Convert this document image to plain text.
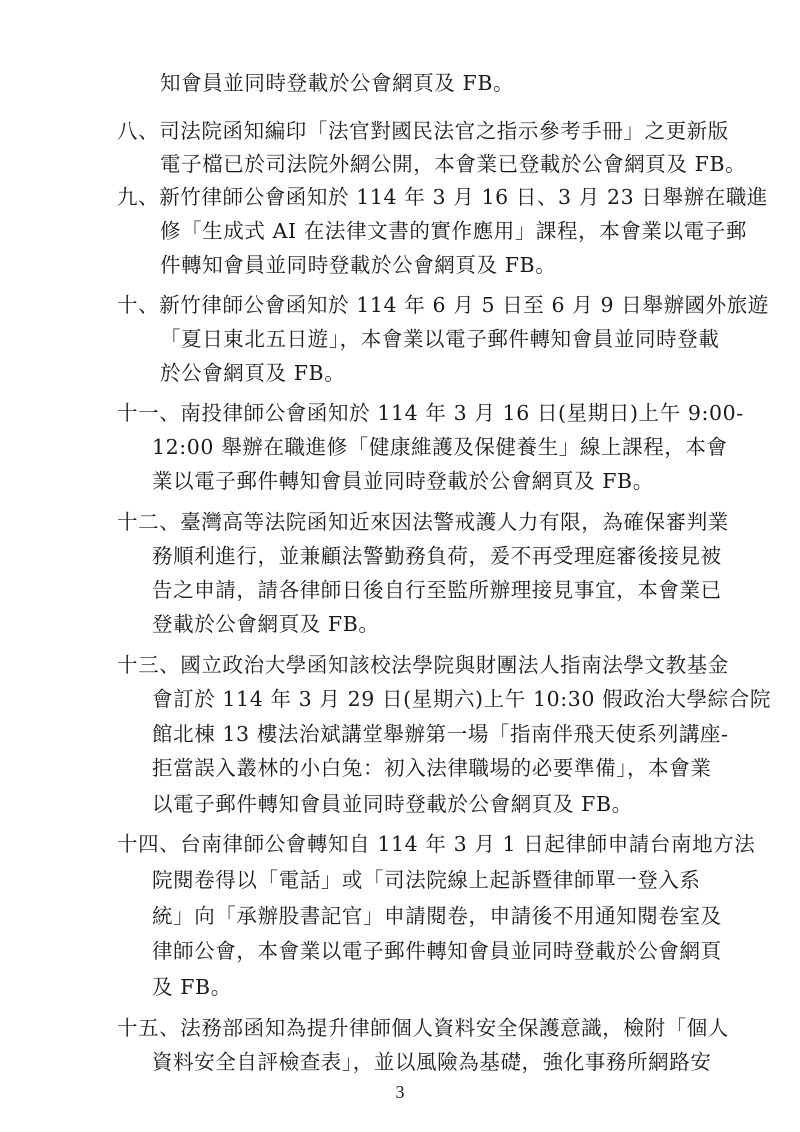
知會員並同時登載於公會網頁及 FB。
八、司法院函知編印「法官對國民法官之指示參考手冊」之更新版
電子檔已於司法院外網公開，本會業已登載於公會網頁及 FB。
九、新竹律師公會函知於 114 年 3 月 16 日、3 月 23 日舉辦在職進
修「生成式 AI 在法律文書的實作應用」課程，本會業以電子郵
件轉知會員並同時登載於公會網頁及 FB。
十、新竹律師公會函知於 114 年 6 月 5 日至 6 月 9 日舉辦國外旅遊
「夏日東北五日遊」，本會業以電子郵件轉知會員並同時登載
於公會網頁及 FB。
十一、南投律師公會函知於 114 年 3 月 16 日(星期日)上午 9:00-
12:00 舉辦在職進修「健康維護及保健養生」線上課程，本會
業以電子郵件轉知會員並同時登載於公會網頁及 FB。
十二、臺灣高等法院函知近來因法警戒護人力有限，為確保審判業
務順利進行，並兼顧法警勤務負荷，爰不再受理庭審後接見被
告之申請，請各律師日後自行至監所辦理接見事宜，本會業已
登載於公會網頁及 FB。
十三、國立政治大學函知該校法學院與財團法人指南法學文教基金
會訂於 114 年 3 月 29 日(星期六)上午 10:30 假政治大學綜合院
館北棟 13 樓法治斌講堂舉辦第一場「指南伴飛天使系列講座-
拒當誤入叢林的小白兔：初入法律職場的必要準備」，本會業
以電子郵件轉知會員並同時登載於公會網頁及 FB。
十四、台南律師公會轉知自 114 年 3 月 1 日起律師申請台南地方法
院閱卷得以「電話」或「司法院線上起訴暨律師單一登入系
統」向「承辦股書記官」申請閱卷，申請後不用通知閱卷室及
律師公會，本會業以電子郵件轉知會員並同時登載於公會網頁
及 FB。
十五、法務部函知為提升律師個人資料安全保護意識，檢附「個人
資料安全自評檢查表」，並以風險為基礎，強化事務所網路安
3
